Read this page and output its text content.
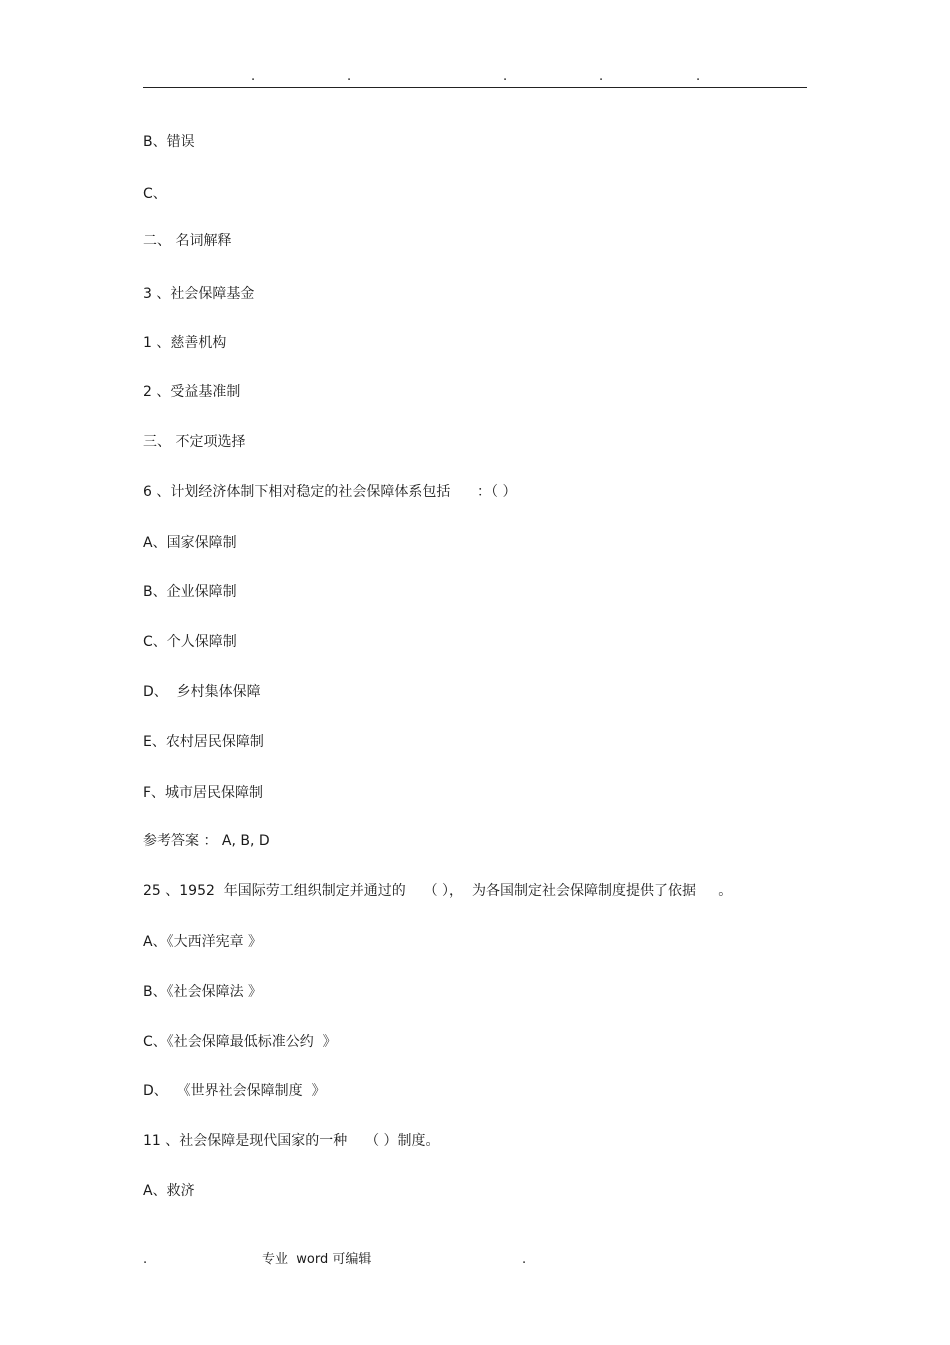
.	.	.	.	.
B、错误
C、
二、 名词解释
3 、社会保障基金
1 、慈善机构
2 、受益基准制
三、 不定项选择
6 、计划经济体制下相对稳定的社会保障体系包括      ：（ ）
A、国家保障制
B、企业保障制
C、个人保障制
D、  乡村集体保障
E、农村居民保障制
F、城市居民保障制
参考答案 ： A, B, D
25 、1952  年国际劳工组织制定并通过的    （ ），  为各国制定社会保障制度提供了依据     。
A、《大西洋宪章 》
B、《社会保障法 》
C、《社会保障最低标准公约  》
D、  《世界社会保障制度  》
11 、社会保障是现代国家的一种    （ ）制度。
A、救济
.	专业  word 可编辑	.
